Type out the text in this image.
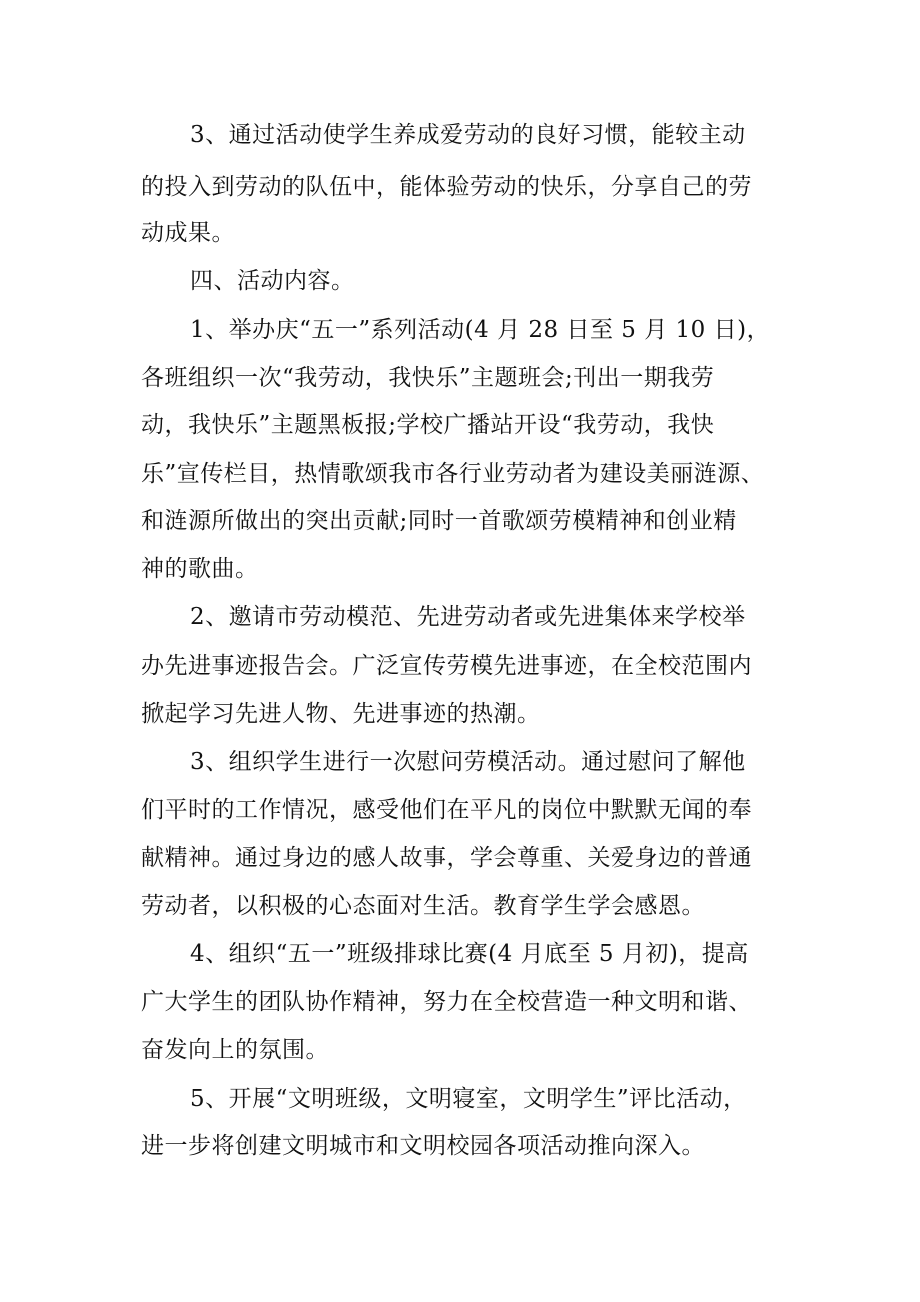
3、通过活动使学生养成爱劳动的良好习惯，能较主动
的投入到劳动的队伍中，能体验劳动的快乐，分享自己的劳
动成果。
四、活动内容。
1、举办庆“五一”系列活动(4 月 28 日至 5 月 10 日)，
各班组织一次“我劳动，我快乐”主题班会;刊出一期我劳
动，我快乐”主题黑板报;学校广播站开设“我劳动，我快
乐”宣传栏目，热情歌颂我市各行业劳动者为建设美丽涟源、
和涟源所做出的突出贡献;同时一首歌颂劳模精神和创业精
神的歌曲。
2、邀请市劳动模范、先进劳动者或先进集体来学校举
办先进事迹报告会。广泛宣传劳模先进事迹，在全校范围内
掀起学习先进人物、先进事迹的热潮。
3、组织学生进行一次慰问劳模活动。通过慰问了解他
们平时的工作情况，感受他们在平凡的岗位中默默无闻的奉
献精神。通过身边的感人故事，学会尊重、关爱身边的普通
劳动者，以积极的心态面对生活。教育学生学会感恩。
4、组织“五一”班级排球比赛(4 月底至 5 月初)，提高
广大学生的团队协作精神，努力在全校营造一种文明和谐、
奋发向上的氛围。
5、开展“文明班级，文明寝室，文明学生”评比活动，
进一步将创建文明城市和文明校园各项活动推向深入。
